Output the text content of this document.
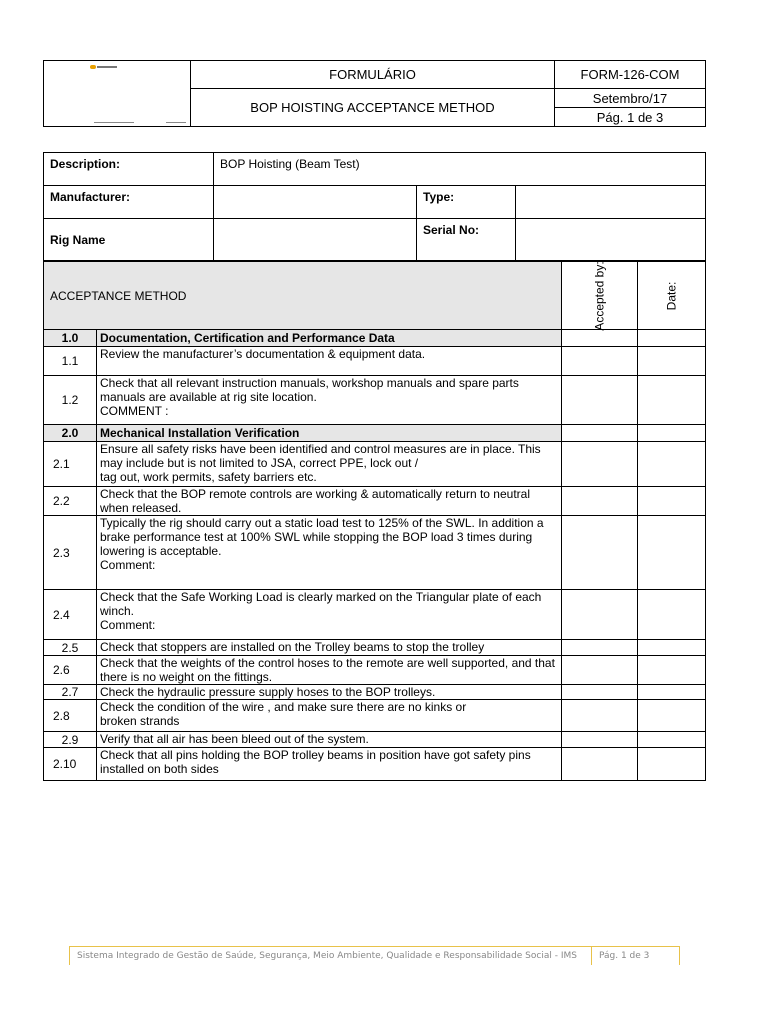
	FORMULÁRIO	FORM-126-COM
	BOP HOISTING ACCEPTANCE METHOD	Setembro/17
		Pág. 1 de 3
Description:	BOP Hoisting (Beam Test)		
Manufacturer:		Type:	
Rig Name		Serial No:	
ACCEPTANCE METHOD		Accepted by:	Date:
1.0	Documentation, Certification and Performance Data		
1.1	Review the manufacturer’s documentation & equipment data.		
1.2	Check that all relevant instruction manuals, workshop manuals and spare parts manuals are available at rig site location.
COMMENT :		
2.0	Mechanical Installation Verification		
2.1	Ensure all safety risks have been identified and control measures are in place. This may include but is not limited to JSA, correct PPE, lock out /
tag out, work permits, safety barriers etc.		
2.2	Check that the BOP remote controls are working & automatically return to neutral when released.		
2.3	Typically the rig should carry out a static load test to 125% of the SWL. In addition a brake performance test at 100% SWL while stopping the BOP load 3 times during lowering is acceptable.
Comment:		
2.4	Check that the Safe Working Load is clearly marked on the Triangular plate of each winch.
Comment:		
2.5	Check that stoppers are installed on the Trolley beams to stop the trolley		
2.6	Check that the weights of the control hoses to the remote are well supported, and that there is no weight on the fittings.		
2.7	Check the hydraulic pressure supply hoses to the BOP trolleys.		
2.8	Check the condition of the wire , and make sure there are no kinks or
broken strands		
2.9	Verify that all air has been bleed out of the system.		
2.10	Check that all pins holding the BOP trolley beams in position have got safety pins installed on both sides		
Sistema Integrado de Gestão de Saúde, Segurança, Meio Ambiente, Qualidade e Responsabilidade Social - IMS Pág. 1 de 3
